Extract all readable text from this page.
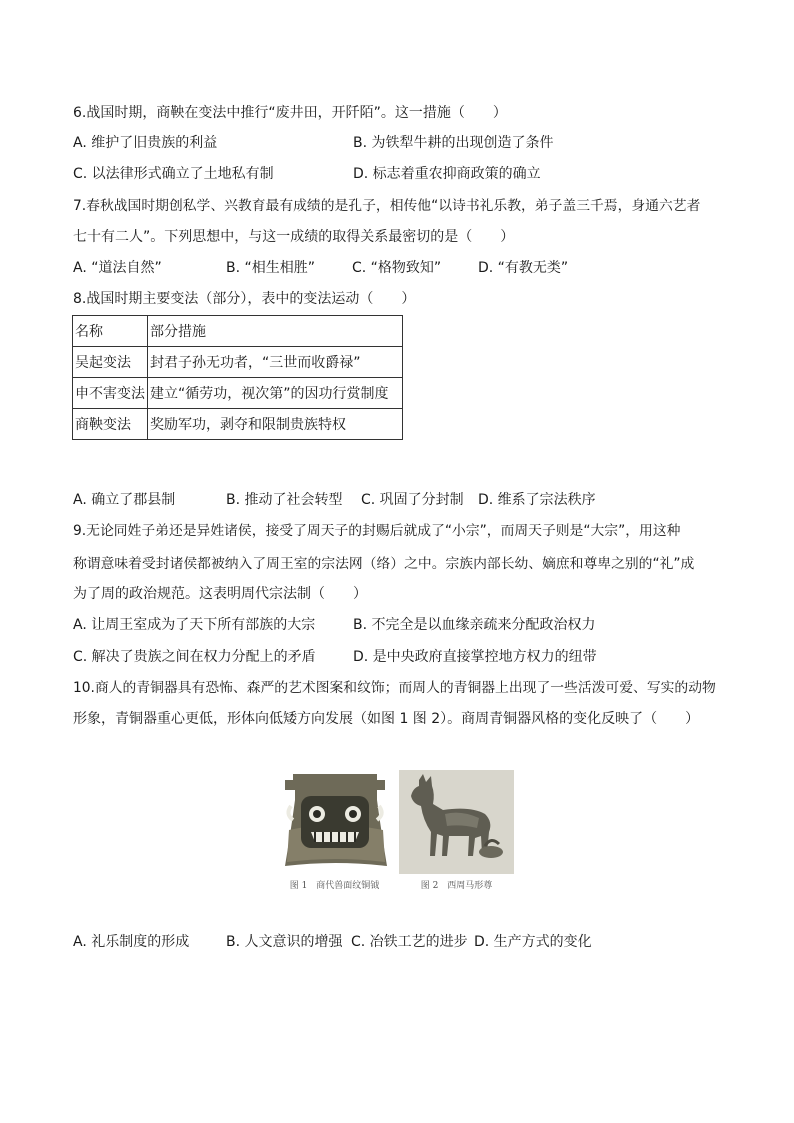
6.战国时期，商鞅在变法中推行“废井田，开阡陌”。这一措施（　　）
A. 维护了旧贵族的利益	B. 为铁犁牛耕的出现创造了条件
C. 以法律形式确立了土地私有制	D. 标志着重农抑商政策的确立
7.春秋战国时期创私学、兴教育最有成绩的是孔子，相传他“以诗书礼乐教，弟子盖三千焉，身通六艺者
七十有二人”。下列思想中，与这一成绩的取得关系最密切的是（　　）
A. “道法自然”	B. “相生相胜”	C. “格物致知”	D. “有教无类”
8.战国时期主要变法（部分），表中的变法运动（　　）
名称	部分措施
吴起变法	封君子孙无功者，“三世而收爵禄”
申不害变法	建立“循劳功，视次第”的因功行赏制度
商鞅变法	奖励军功，剥夺和限制贵族特权
A. 确立了郡县制	B. 推动了社会转型 C. 巩固了分封制 D. 维系了宗法秩序
9.无论同姓子弟还是异姓诸侯，接受了周天子的封赐后就成了“小宗”，而周天子则是“大宗”，用这种
称谓意味着受封诸侯都被纳入了周王室的宗法网（络）之中。宗族内部长幼、嫡庶和尊卑之别的“礼”成
为了周的政治规范。这表明周代宗法制（　　）
A. 让周王室成为了天下所有部族的大宗	B. 不完全是以血缘亲疏来分配政治权力
C. 解决了贵族之间在权力分配上的矛盾	D. 是中央政府直接掌控地方权力的纽带
10.商人的青铜器具有恐怖、森严的艺术图案和纹饰；而周人的青铜器上出现了一些活泼可爱、写实的动物
形象，青铜器重心更低，形体向低矮方向发展（如图 1 图 2）。商周青铜器风格的变化反映了（　　）
图 1　商代兽面纹铜钺	图 2　西周马形尊
A. 礼乐制度的形成	B. 人文意识的增强 C. 冶铁工艺的进步 D. 生产方式的变化
